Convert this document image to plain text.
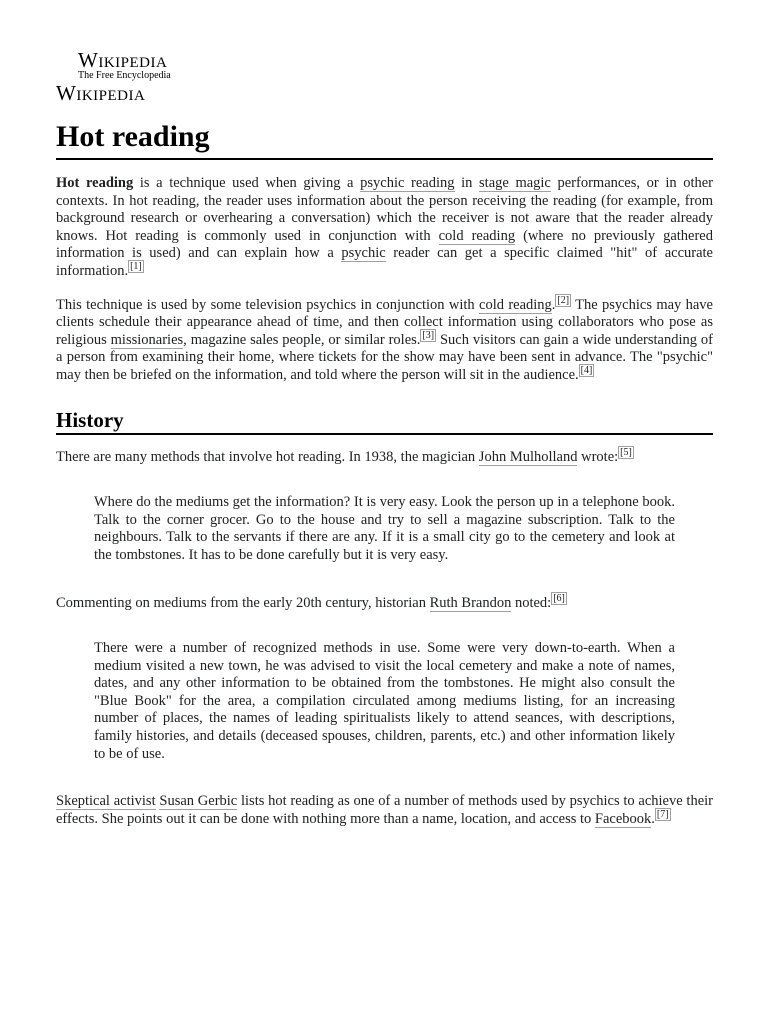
Wikipedia
The Free Encyclopedia
Wikipedia
Hot reading

Hot reading is a technique used when giving a psychic reading in stage magic performances, or in other contexts. In hot reading, the reader uses information about the person receiving the reading (for example, from background research or overhearing a conversation) which the receiver is not aware that the reader already knows. Hot reading is commonly used in conjunction with cold reading (where no previously gathered information is used) and can explain how a psychic reader can get a specific claimed "hit" of accurate information. [1]

This technique is used by some television psychics in conjunction with cold reading. [2] The psychics may have clients schedule their appearance ahead of time, and then collect information using collaborators who pose as religious missionaries, magazine sales people, or similar roles. [3] Such visitors can gain a wide understanding of a person from examining their home, where tickets for the show may have been sent in advance. The "psychic" may then be briefed on the information, and told where the person will sit in the audience. [4]

History

There are many methods that involve hot reading. In 1938, the magician John Mulholland wrote: [5]

Where do the mediums get the information? It is very easy. Look the person up in a telephone book. Talk to the corner grocer. Go to the house and try to sell a magazine subscription. Talk to the neighbours. Talk to the servants if there are any. If it is a small city go to the cemetery and look at the tombstones. It has to be done carefully but it is very easy.

Commenting on mediums from the early 20th century, historian Ruth Brandon noted: [6]

There were a number of recognized methods in use. Some were very down-to-earth. When a medium visited a new town, he was advised to visit the local cemetery and make a note of names, dates, and any other information to be obtained from the tombstones. He might also consult the "Blue Book" for the area, a compilation circulated among mediums listing, for an increasing number of places, the names of leading spiritualists likely to attend seances, with descriptions, family histories, and details (deceased spouses, children, parents, etc.) and other information likely to be of use.

Skeptical activist Susan Gerbic lists hot reading as one of a number of methods used by psychics to achieve their effects. She points out it can be done with nothing more than a name, location, and access to Facebook. [7]
